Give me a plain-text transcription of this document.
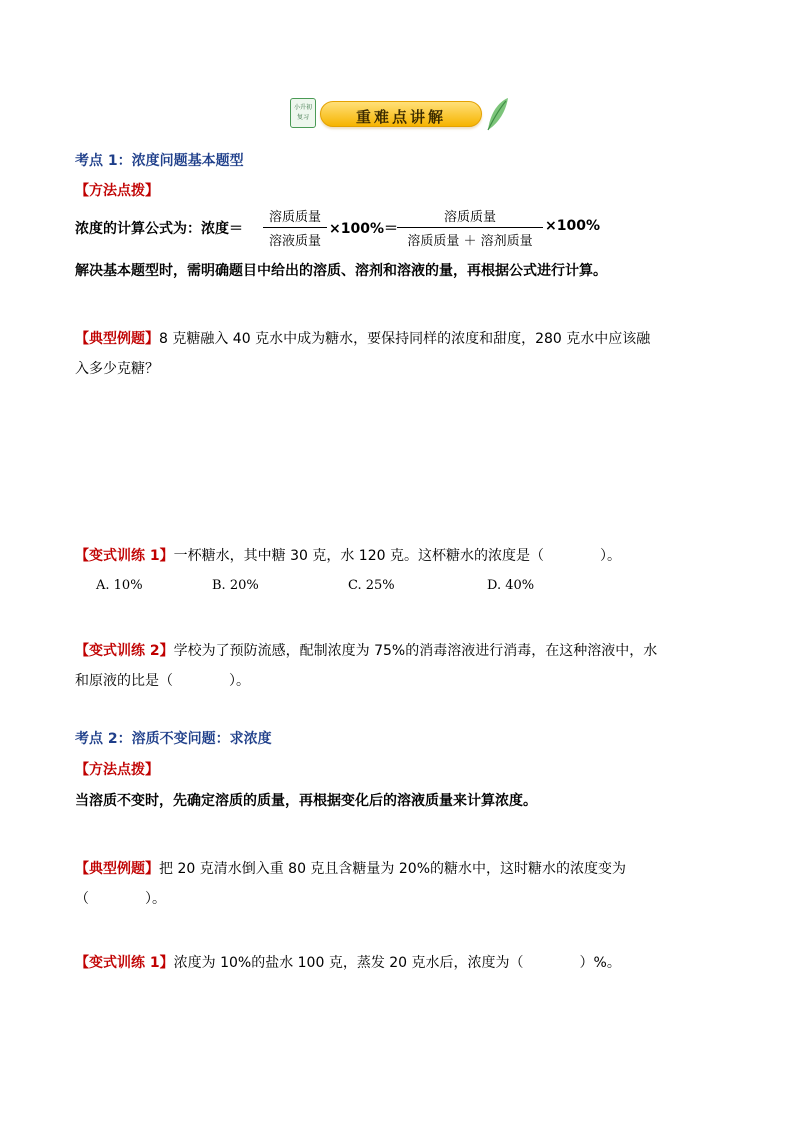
小升初
复习	重难点讲解
考点 1：浓度问题基本题型
【方法点拨】
浓度的计算公式为：浓度＝
溶质质量
溶液质量
×100%＝
溶质质量
溶质质量 ＋ 溶剂质量
×100%
解决基本题型时，需明确题目中给出的溶质、溶剂和溶液的量，再根据公式进行计算。
【典型例题】8 克糖融入 40 克水中成为糖水，要保持同样的浓度和甜度，280 克水中应该融
入多少克糖？
【变式训练 1】一杯糖水，其中糖 30 克，水 120 克。这杯糖水的浓度是（　　　　）。
A. 10%	B. 20%	C. 25%	D. 40%
【变式训练 2】学校为了预防流感，配制浓度为 75%的消毒溶液进行消毒，在这种溶液中，水
和原液的比是（　　　　）。
考点 2：溶质不变问题：求浓度
【方法点拨】
当溶质不变时，先确定溶质的质量，再根据变化后的溶液质量来计算浓度。
【典型例题】把 20 克清水倒入重 80 克且含糖量为 20%的糖水中，这时糖水的浓度变为
（　　　　）。
【变式训练 1】浓度为 10%的盐水 100 克，蒸发 20 克水后，浓度为（　　　　）%。
